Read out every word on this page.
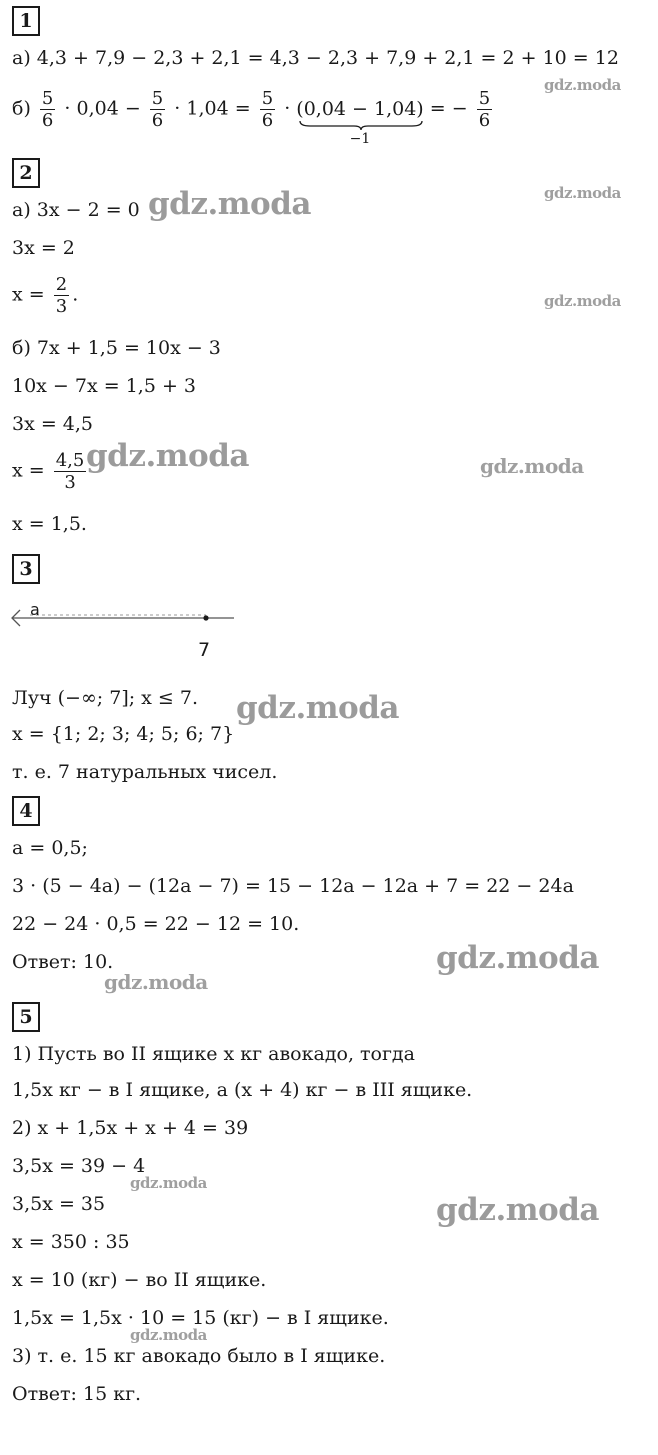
1
а) 4,3 + 7,9 − 2,3 + 2,1 = 4,3 − 2,3 + 7,9 + 2,1 = 2 + 10 = 12
$б) \frac{5}{6} \cdot 0,04 - \frac{5}{6} \cdot 1,04 = \frac{5}{6} \cdot (0,04 - 1,04)$
−1
= − $\frac{5}{6}$
2
а) 3x − 2 = 0
3x = 2
$x = \frac{2}{3}$ .
б) 7x + 1,5 = 10x − 3
10x − 7x = 1,5 + 3
3x = 4,5
$x = \frac{4,5}{3}$
x = 1,5.
3
a
7
Луч (−∞; 7]; x ≤ 7.
x = {1; 2; 3; 4; 5; 6; 7}
т. е. 7 натуральных чисел.
4
a = 0,5;
3 · (5 − 4a) − (12a − 7) = 15 − 12a − 12a + 7 = 22 − 24a
22 − 24 · 0,5 = 22 − 12 = 10.
Ответ: 10.
5
1) Пусть во II ящике x кг авокадо, тогда
1,5x кг − в I ящике, а (x + 4) кг − в III ящике.
2) x + 1,5x + x + 4 = 39
3,5x = 39 − 4
3,5x = 35
x = 350 : 35
x = 10 (кг) − во II ящике.
1,5x = 1,5x · 10 = 15 (кг) − в I ящике.
3) т. е. 15 кг авокадо было в I ящике.
Ответ: 15 кг.
gdz.moda
gdz.moda
gdz.moda
gdz.moda
gdz.moda	gdz.moda
gdz.moda
gdz.moda
gdz.moda
gdz.moda
gdz.moda
gdz.moda
